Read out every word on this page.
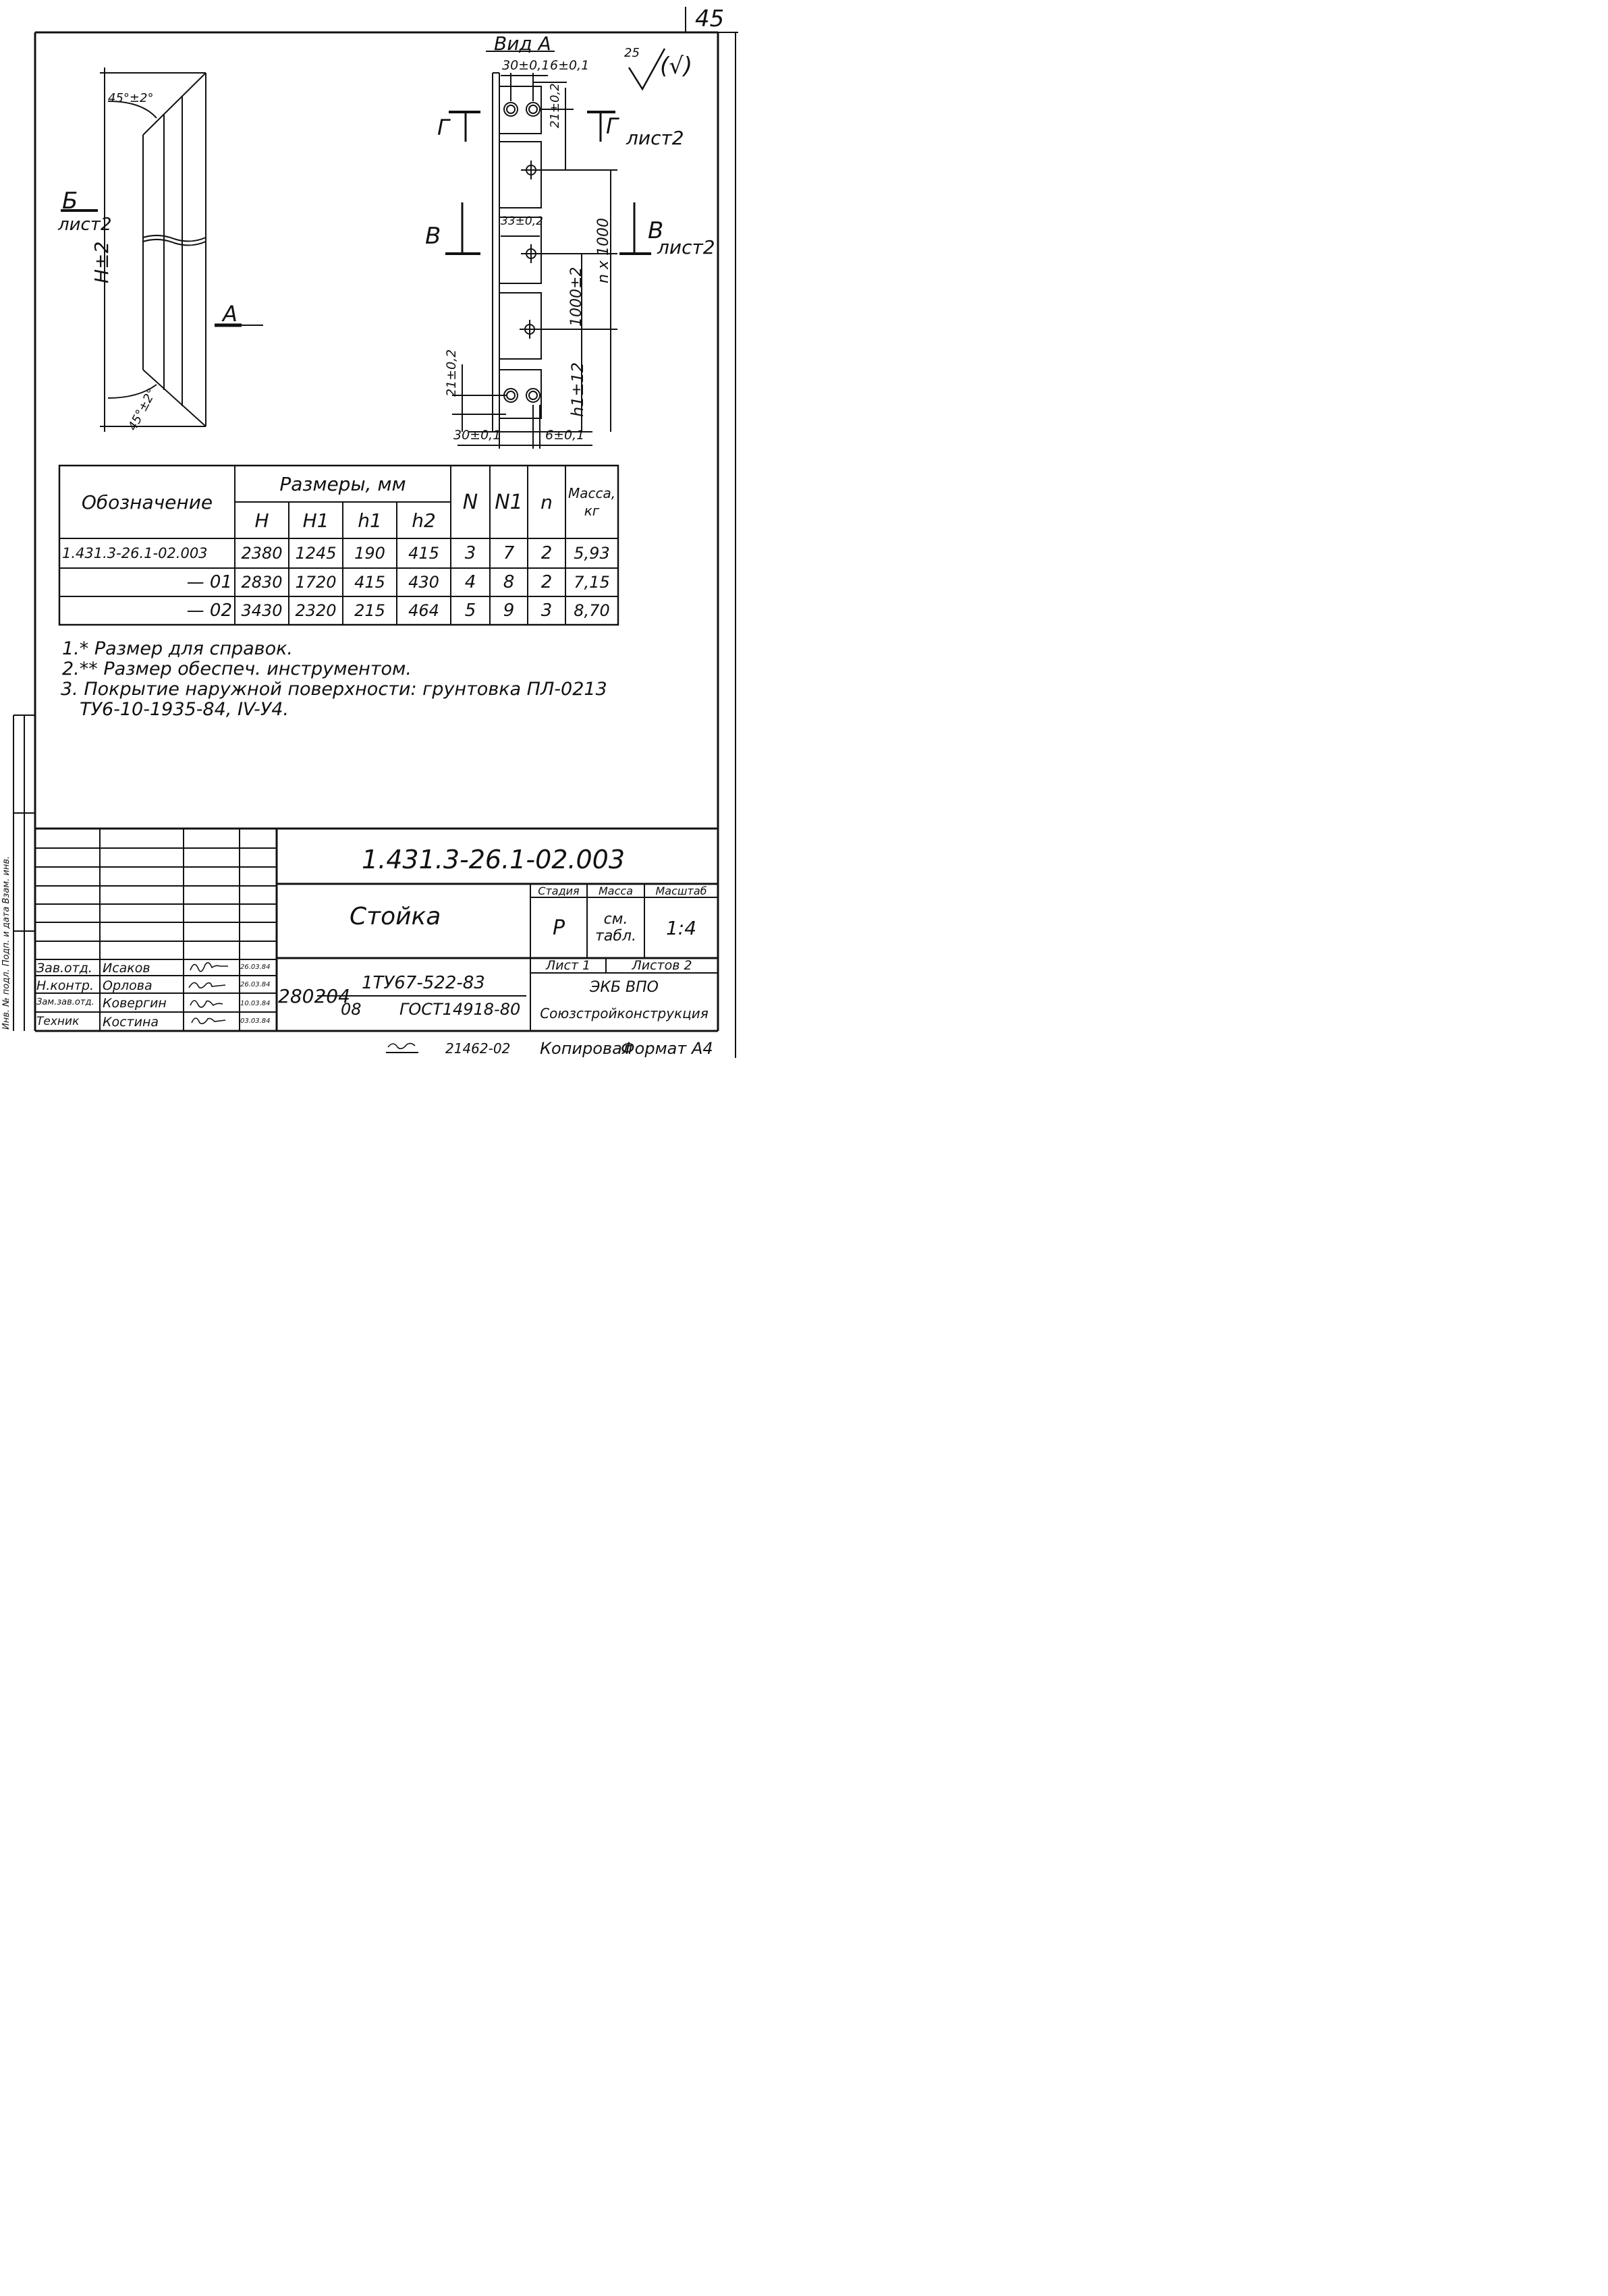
45
25 (√)
Вид А
30±0,1 6±0,1
21±0,2
33±0,2	n x 1000
1000±2
h1±12
21±0,2
30±0,1	6±0,1
Г	Г лист2
В	В
лист2
Б
лист2
А
45°±2°
45°±2°
H±2
Обозначение
Размеры, мм
H	H1	h1	h2
N N1 n	Масса, кг
1.431.3-26.1-02.003	2380 1245	190	415	3	7	2	5,93
— 01 2830 1720	415	430	4	8	2	7,15
— 02 3430 2320	215	464	5	9	3	8,70
1.* Размер для справок.
2.** Размер обеспеч. инструментом.
3. Покрытие наружной поверхности: грунтовка ПЛ-0213
ТУ6-10-1935-84, IV-У4.
Инв. № подл. Подп. и дата Взам. инв.	1.431.3-26.1-02.003
Стойка
Стадия	Масса	Масштаб
Р	см. табл.	1:4
Лист 1	Листов 2
ЭКБ ВПО
Союзстройконструкция
280204
1ТУ67-522-83
08 ГОСТ14918-80
Зав.отд. Исаков	26.03.84
Н.контр. Орлова	26.03.84
Зам.зав.отд. Ковергин	10.03.84
Техник Костина	03.03.84
21462-02 Копировал
Формат А4
